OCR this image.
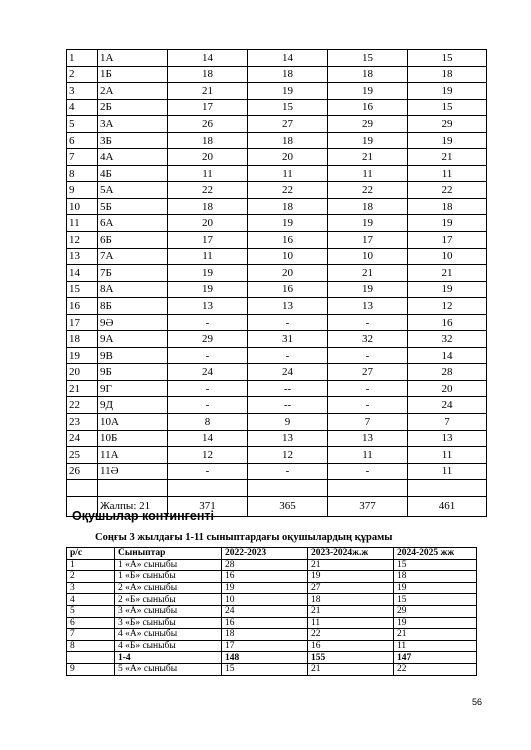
1	1А	14	14	15	15
2	1Б	18	18	18	18
3	2А	21	19	19	19
4	2Б	17	15	16	15
5	3А	26	27	29	29
6	3Б	18	18	19	19
7	4А	20	20	21	21
8	4Б	11	11	11	11
9	5А	22	22	22	22
10	5Б	18	18	18	18
11	6А	20	19	19	19
12	6Б	17	16	17	17
13	7А	11	10	10	10
14	7Б	19	20	21	21
15	8А	19	16	19	19
16	8Б	13	13	13	12
17	9Ә	-	-	-	16
18	9А	29	31	32	32
19	9В	-	-	-	14
20	9Б	24	24	27	28
21	9Г	-	--	-	20
22	9Д	-	--	-	24
23	10А	8	9	7	7
24	10Б	14	13	13	13
25	11А	12	12	11	11
26	11Ә	-	-	-	11

	Жалпы: 21	371	365	377	461

Оқушылар контингенті

Соңғы 3 жылдағы 1-11 сыныптардағы оқушылардың құрамы

р/с	Сыныптар	2022-2023	2023-2024ж.ж	2024-2025 жж
1	1 «А» сыныбы	28	21	15
2	1 «Б» сыныбы	16	19	18
3	2 «А» сыныбы	19	27	19
4	2 «Б» сыныбы	10	18	15
5	3 «А» сыныбы	24	21	29
6	3 «Б» сыныбы	16	11	19
7	4 «А» сыныбы	18	22	21
8	4 «Б» сыныбы	17	16	11
	1-4	148	155	147
9	5 «А» сыныбы	15	21	22
56
